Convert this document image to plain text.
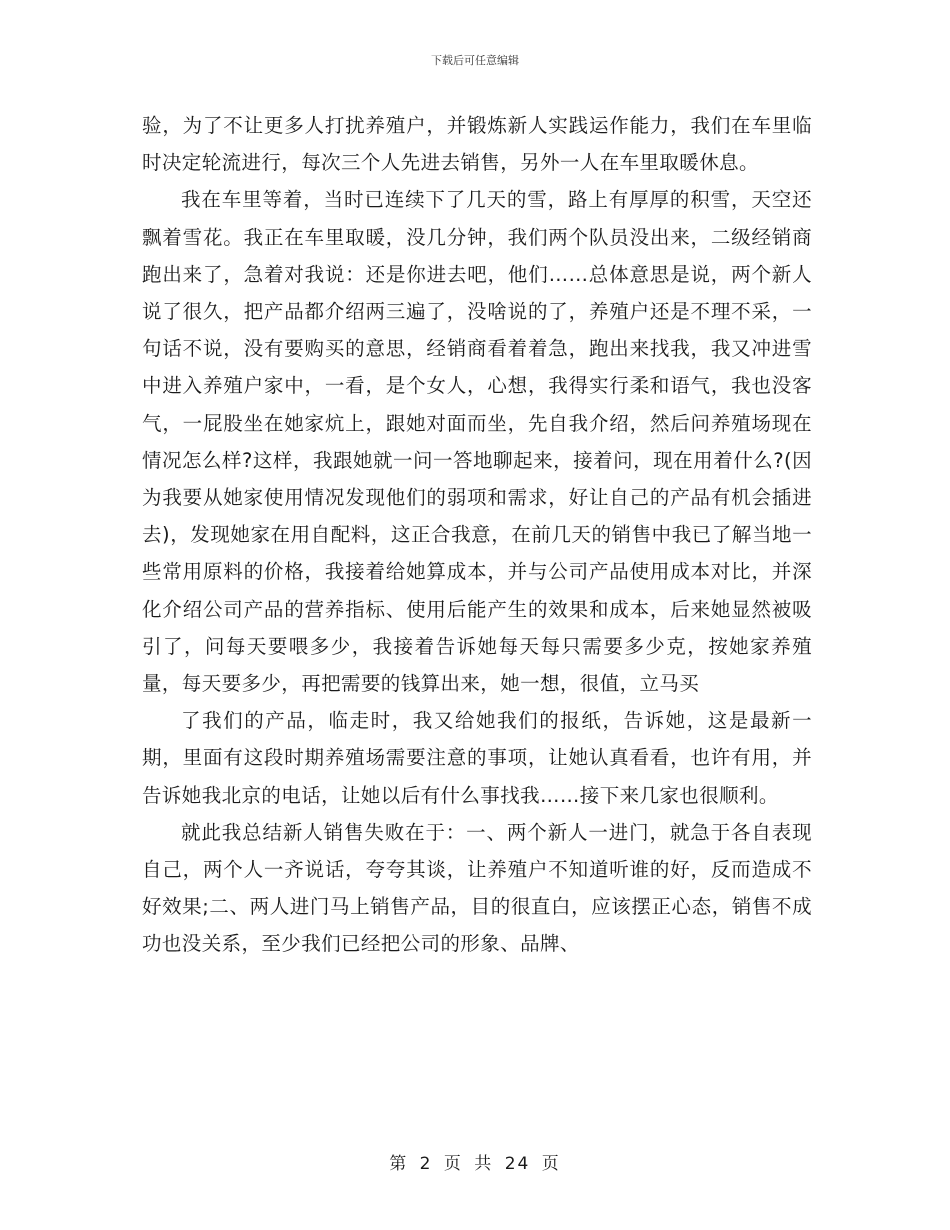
下载后可任意编辑

验，为了不让更多人打扰养殖户，并锻炼新人实践运作能力，我们在车里临时决定轮流进行，每次三个人先进去销售，另外一人在车里取暖休息。

我在车里等着，当时已连续下了几天的雪，路上有厚厚的积雪，天空还飘着雪花。我正在车里取暖，没几分钟，我们两个队员没出来，二级经销商跑出来了，急着对我说：还是你进去吧，他们……总体意思是说，两个新人说了很久，把产品都介绍两三遍了，没啥说的了，养殖户还是不理不采，一句话不说，没有要购买的意思，经销商看着着急，跑出来找我，我又冲进雪中进入养殖户家中，一看，是个女人，心想，我得实行柔和语气，我也没客气，一屁股坐在她家炕上，跟她对面而坐，先自我介绍，然后问养殖场现在情况怎么样?这样，我跟她就一问一答地聊起来，接着问，现在用着什么?(因为我要从她家使用情况发现他们的弱项和需求，好让自己的产品有机会插进去)，发现她家在用自配料，这正合我意，在前几天的销售中我已了解当地一些常用原料的价格，我接着给她算成本，并与公司产品使用成本对比，并深化介绍公司产品的营养指标、使用后能产生的效果和成本，后来她显然被吸引了，问每天要喂多少，我接着告诉她每天每只需要多少克，按她家养殖量，每天要多少，再把需要的钱算出来，她一想，很值，立马买

了我们的产品，临走时，我又给她我们的报纸，告诉她，这是最新一期，里面有这段时期养殖场需要注意的事项，让她认真看看，也许有用，并告诉她我北京的电话，让她以后有什么事找我……接下来几家也很顺利。

就此我总结新人销售失败在于：一、两个新人一进门，就急于各自表现自己，两个人一齐说话，夸夸其谈，让养殖户不知道听谁的好，反而造成不好效果;二、两人进门马上销售产品，目的很直白，应该摆正心态，销售不成功也没关系，至少我们已经把公司的形象、品牌、

第 2 页 共 24 页
